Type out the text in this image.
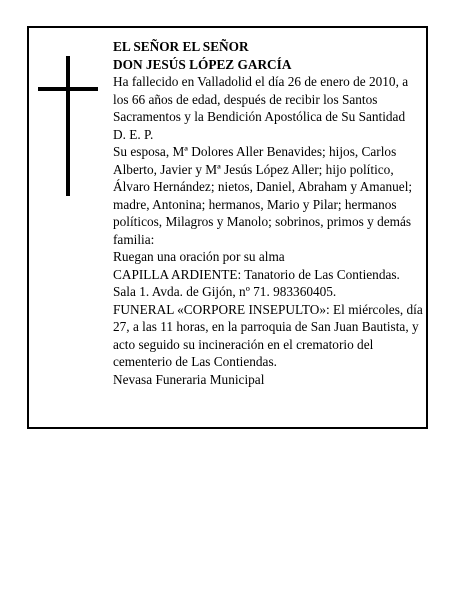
EL SEÑOR EL SEÑOR

DON JESÚS LÓPEZ GARCÍA

Ha fallecido en Valladolid el día 26 de enero de 2010, a los 66 años de edad, después de recibir los Santos Sacramentos y la Bendición Apostólica de Su Santidad

D. E. P.

Su esposa, Mª Dolores Aller Benavides; hijos, Carlos Alberto, Javier y Mª Jesús López Aller; hijo político, Álvaro Hernández; nietos, Daniel, Abraham y Amanuel; madre, Antonina; hermanos, Mario y Pilar; hermanos políticos, Milagros y Manolo; sobrinos, primos y demás familia:

Ruegan una oración por su alma

CAPILLA ARDIENTE: Tanatorio de Las Contiendas. Sala 1. Avda. de Gijón, nº 71. 983360405.

FUNERAL «CORPORE INSEPULTO»: El miércoles, día 27, a las 11 horas, en la parroquia de San Juan Bautista, y acto seguido su incineración en el crematorio del cementerio de Las Contiendas.

Nevasa Funeraria Municipal
